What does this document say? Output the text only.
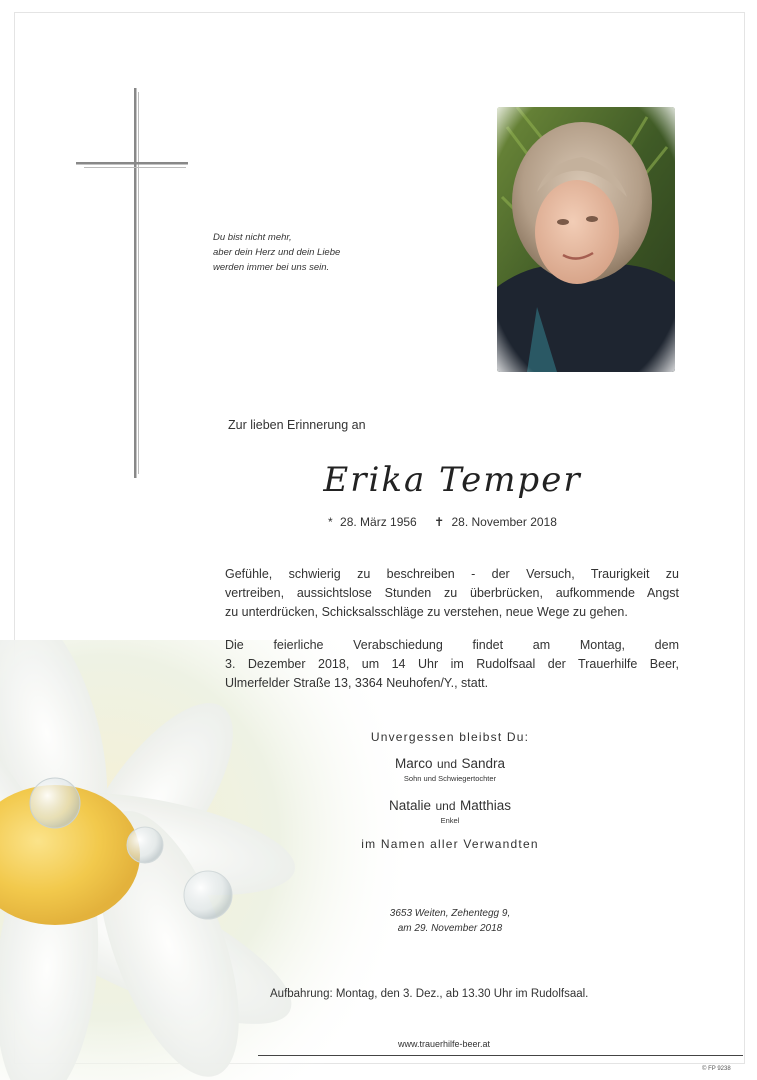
Du bist nicht mehr,
aber dein Herz und dein Liebe
werden immer bei uns sein.
Zur lieben Erinnerung an
Erika Temper
* 28. März 1956 ✝ 28. November 2018
Gefühle, schwierig zu beschreiben - der Versuch, Traurigkeit zu
vertreiben, aussichtslose Stunden zu überbrücken, aufkommende Angst
zu unterdrücken, Schicksalsschläge zu verstehen, neue Wege zu gehen.
Die feierliche Verabschiedung findet am Montag, dem
3. Dezember 2018, um 14 Uhr im Rudolfsaal der Trauerhilfe Beer,
Ulmerfelder Straße 13, 3364 Neuhofen/Y., statt.
Unvergessen bleibst Du:
Marco und Sandra
Sohn und Schwiegertochter
Natalie und Matthias
Enkel
im Namen aller Verwandten
3653 Weiten, Zehentegg 9,
am 29. November 2018
Aufbahrung: Montag, den 3. Dez., ab 13.30 Uhr im Rudolfsaal.
www.trauerhilfe-beer.at
© FP 9238
